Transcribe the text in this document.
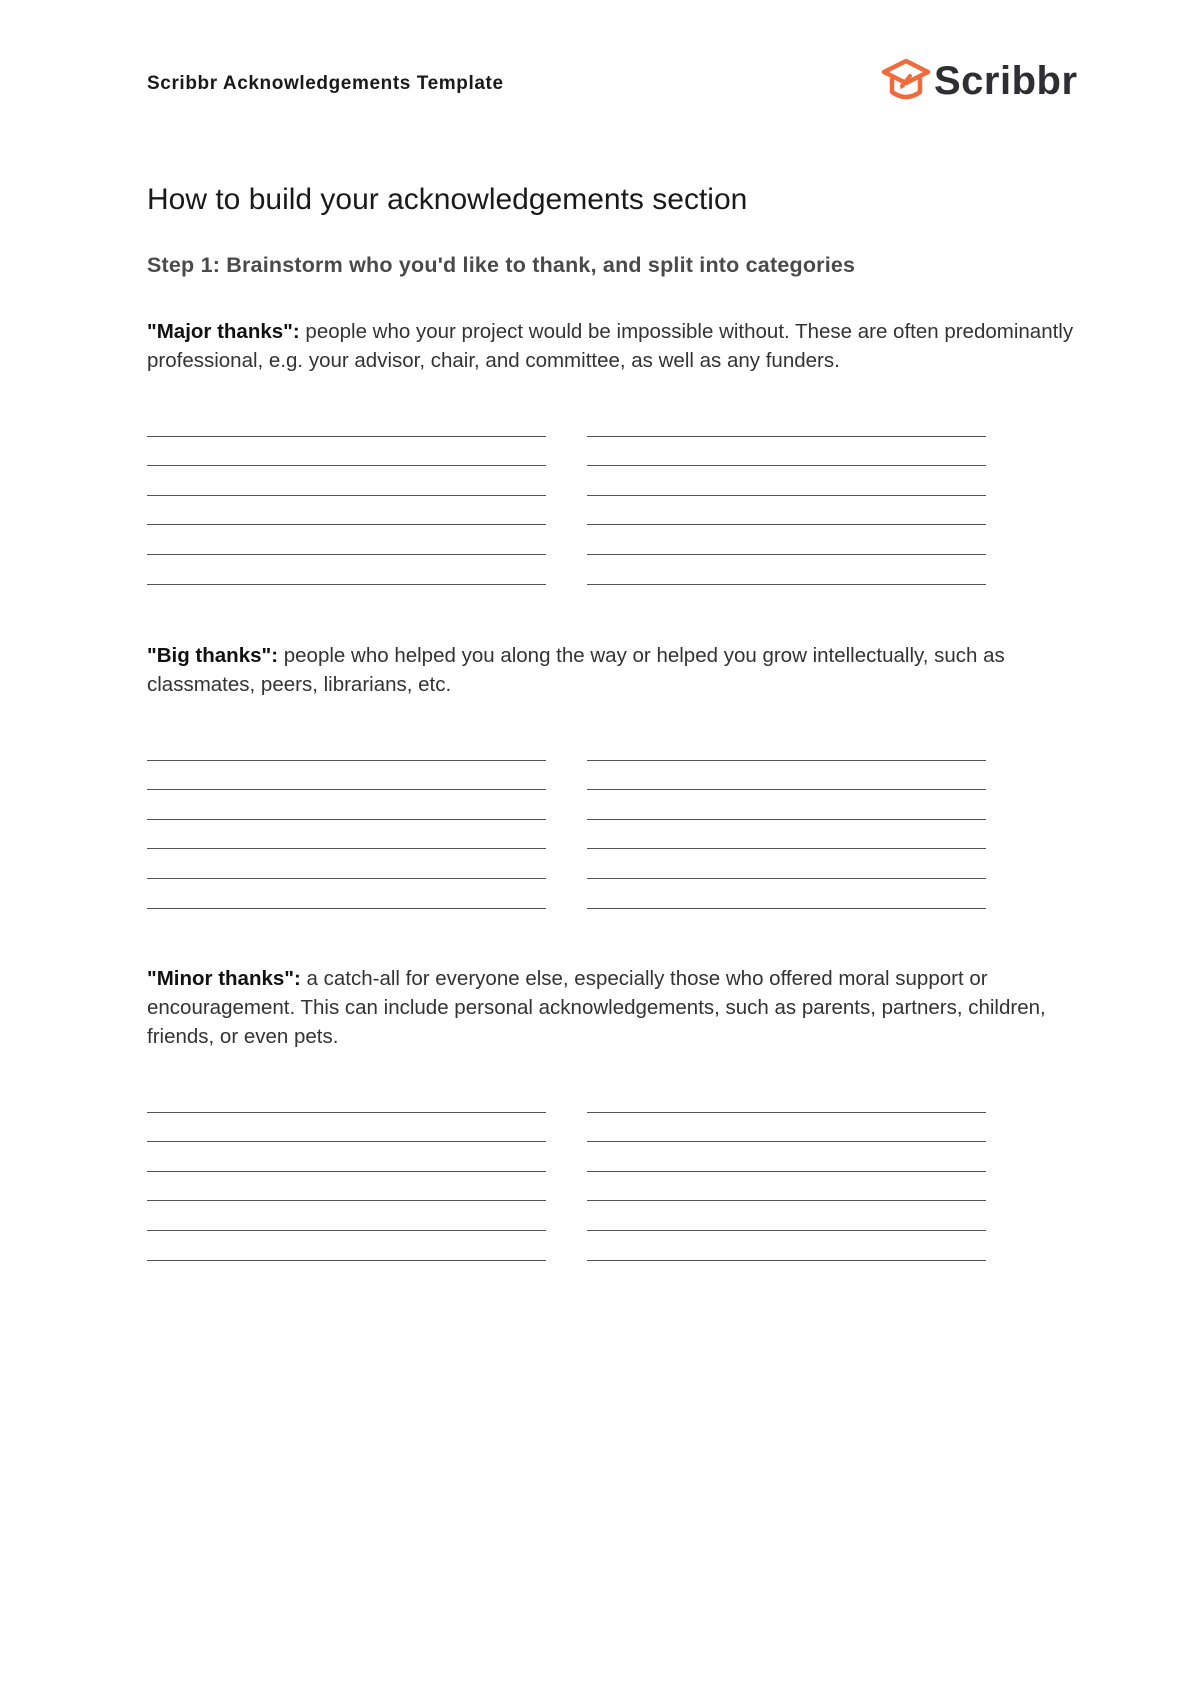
Scribbr Acknowledgements Template	Scribbr
How to build your acknowledgements section
Step 1: Brainstorm who you'd like to thank, and split into categories

"Major thanks": people who your project would be impossible without. These are often predominantly professional, e.g. your advisor, chair, and committee, as well as any funders.

"Big thanks": people who helped you along the way or helped you grow intellectually, such as classmates, peers, librarians, etc.

"Minor thanks": a catch-all for everyone else, especially those who offered moral support or encouragement. This can include personal acknowledgements, such as parents, partners, children, friends, or even pets.
